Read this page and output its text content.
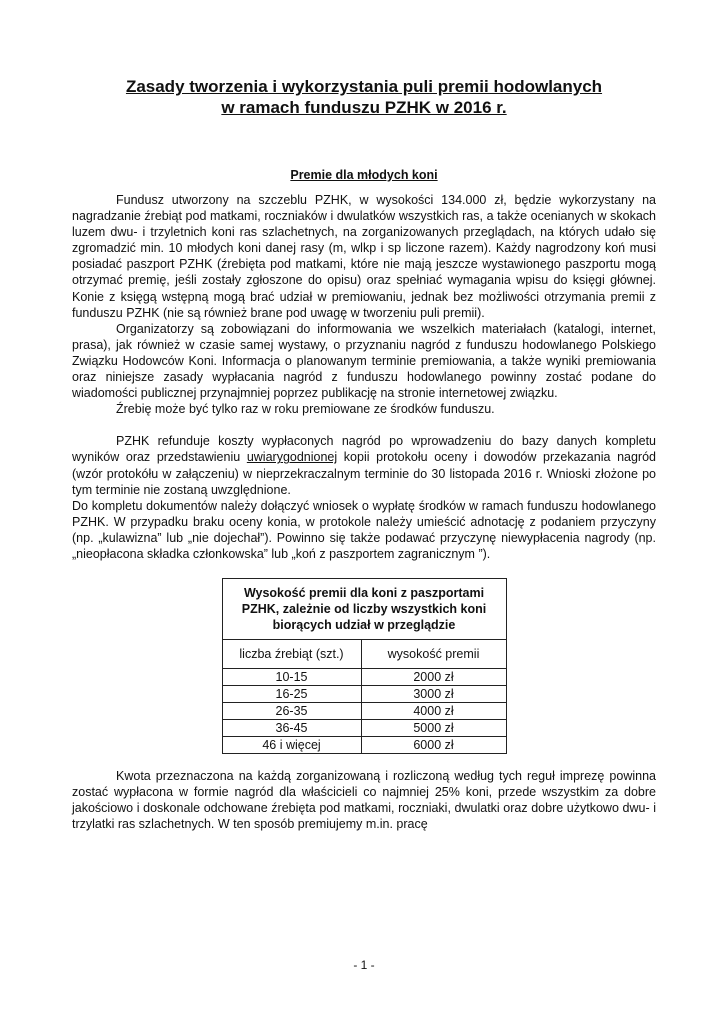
Zasady tworzenia i wykorzystania puli premii hodowlanych
w ramach funduszu PZHK w 2016 r.
Premie dla młodych koni

Fundusz utworzony na szczeblu PZHK, w wysokości 134.000 zł, będzie wykorzystany na nagradzanie źrebiąt pod matkami, roczniaków i dwulatków wszystkich ras, a także ocenianych w skokach luzem dwu- i trzyletnich koni ras szlachetnych, na zorganizowanych przeglądach, na których udało się zgromadzić min. 10 młodych koni danej rasy (m, wlkp i sp liczone razem). Każdy nagrodzony koń musi posiadać paszport PZHK (źrebięta pod matkami, które nie mają jeszcze wystawionego paszportu mogą otrzymać premię, jeśli zostały zgłoszone do opisu) oraz spełniać wymagania wpisu do księgi głównej. Konie z księgą wstępną mogą brać udział w premiowaniu, jednak bez możliwości otrzymania premii z funduszu PZHK (nie są również brane pod uwagę w tworzeniu puli premii).

Organizatorzy są zobowiązani do informowania we wszelkich materiałach (katalogi, internet, prasa), jak również w czasie samej wystawy, o przyznaniu nagród z funduszu hodowlanego Polskiego Związku Hodowców Koni. Informacja o planowanym terminie premiowania, a także wyniki premiowania oraz niniejsze zasady wypłacania nagród z funduszu hodowlanego powinny zostać podane do wiadomości publicznej przynajmniej poprzez publikację na stronie internetowej związku.

Źrebię może być tylko raz w roku premiowane ze środków funduszu.

PZHK refunduje koszty wypłaconych nagród po wprowadzeniu do bazy danych kompletu wyników oraz przedstawieniu uwiarygodnionej kopii protokołu oceny i dowodów przekazania nagród (wzór protokółu w załączeniu) w nieprzekraczalnym terminie do 30 listopada 2016 r. Wnioski złożone po tym terminie nie zostaną uwzględnione.

Do kompletu dokumentów należy dołączyć wniosek o wypłatę środków w ramach funduszu hodowlanego PZHK. W przypadku braku oceny konia, w protokole należy umieścić adnotację z podaniem przyczyny (np. „kulawizna” lub „nie dojechał”). Powinno się także podawać przyczynę niewypłacenia nagrody (np. „nieopłacona składka członkowska” lub „koń z paszportem zagranicznym ”).

Wysokość premii dla koni z paszportami
PZHK, zależnie od liczby wszystkich koni
biorących udział w przeglądzie	

liczba źrebiąt (szt.)	wysokość premii
10-15	2000 zł
16-25	3000 zł
26-35	4000 zł
36-45	5000 zł
46 i więcej	6000 zł

Kwota przeznaczona na każdą zorganizowaną i rozliczoną według tych reguł imprezę powinna zostać wypłacona w formie nagród dla właścicieli co najmniej 25% koni, przede wszystkim za dobre jakościowo i doskonale odchowane źrebięta pod matkami, roczniaki, dwulatki oraz dobre użytkowo dwu- i trzylatki ras szlachetnych. W ten sposób premiujemy m.in. pracę

- 1 -
